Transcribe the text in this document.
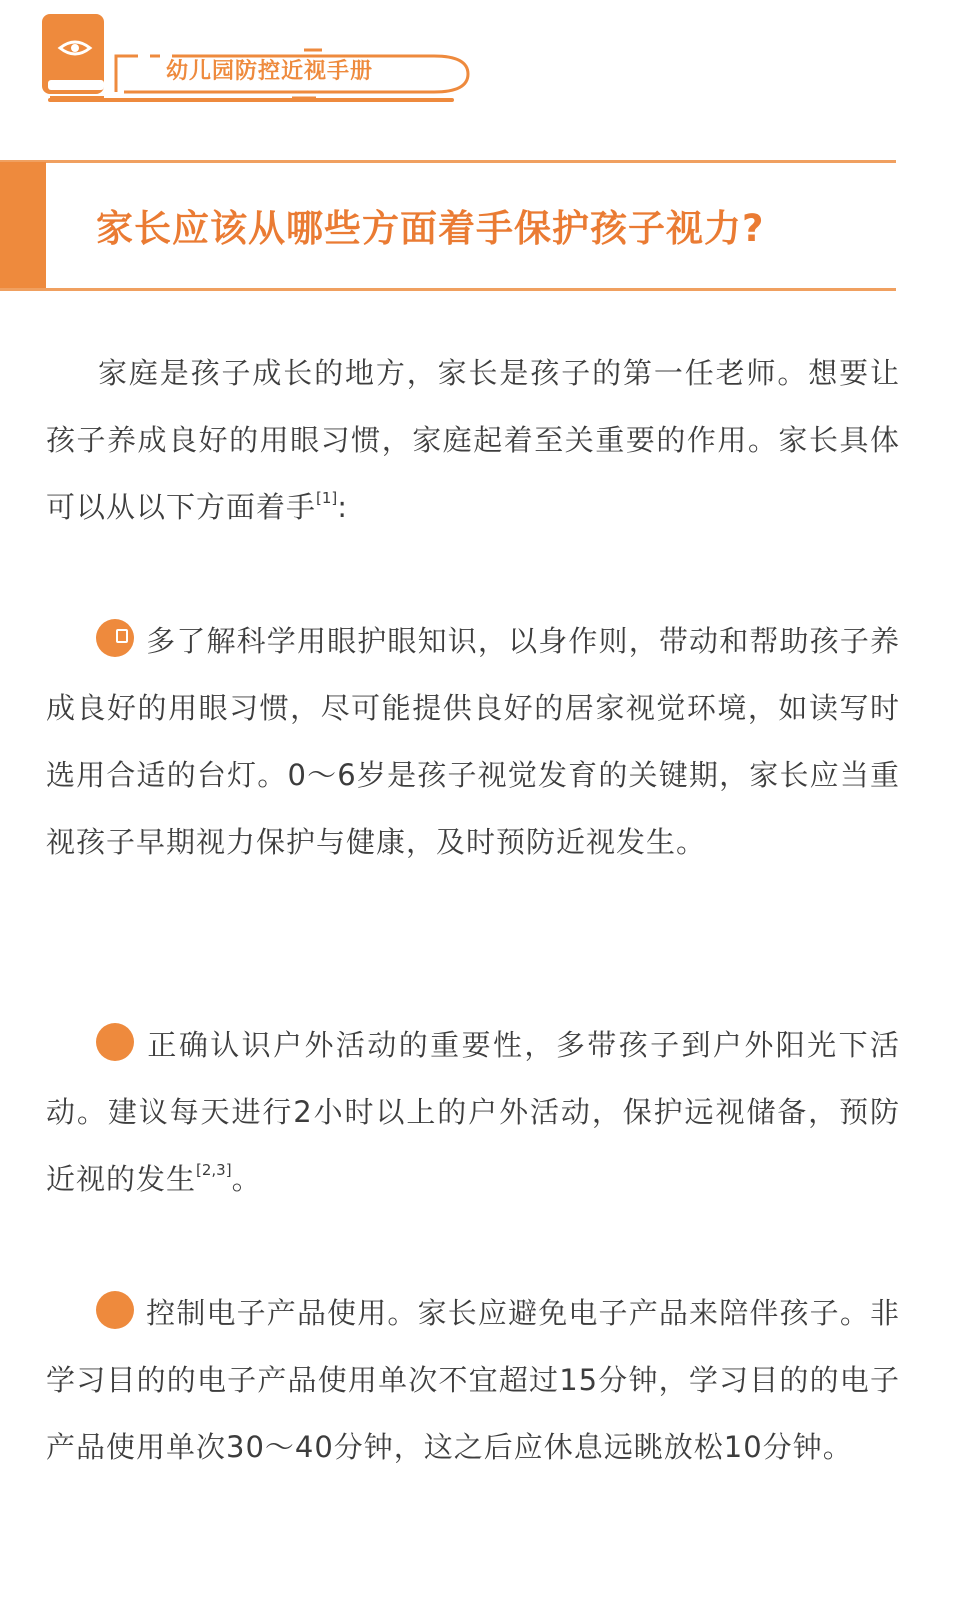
幼儿园防控近视手册
家长应该从哪些方面着手保护孩子视力?

家庭是孩子成长的地方，家长是孩子的第一任老师。想要让孩子养成良好的用眼习惯，家庭起着至关重要的作用。家长具体可以从以下方面着手[1]:

多了解科学用眼护眼知识，以身作则，带动和帮助孩子养成良好的用眼习惯，尽可能提供良好的居家视觉环境，如读写时选用合适的台灯。0～6岁是孩子视觉发育的关键期，家长应当重视孩子早期视力保护与健康，及时预防近视发生。

正确认识户外活动的重要性，多带孩子到户外阳光下活动。建议每天进行2小时以上的户外活动，保护远视储备，预防近视的发生[2,3]。

控制电子产品使用。家长应避免电子产品来陪伴孩子。非学习目的的电子产品使用单次不宜超过15分钟，学习目的的电子产品使用单次30～40分钟，这之后应休息远眺放松10分钟。
